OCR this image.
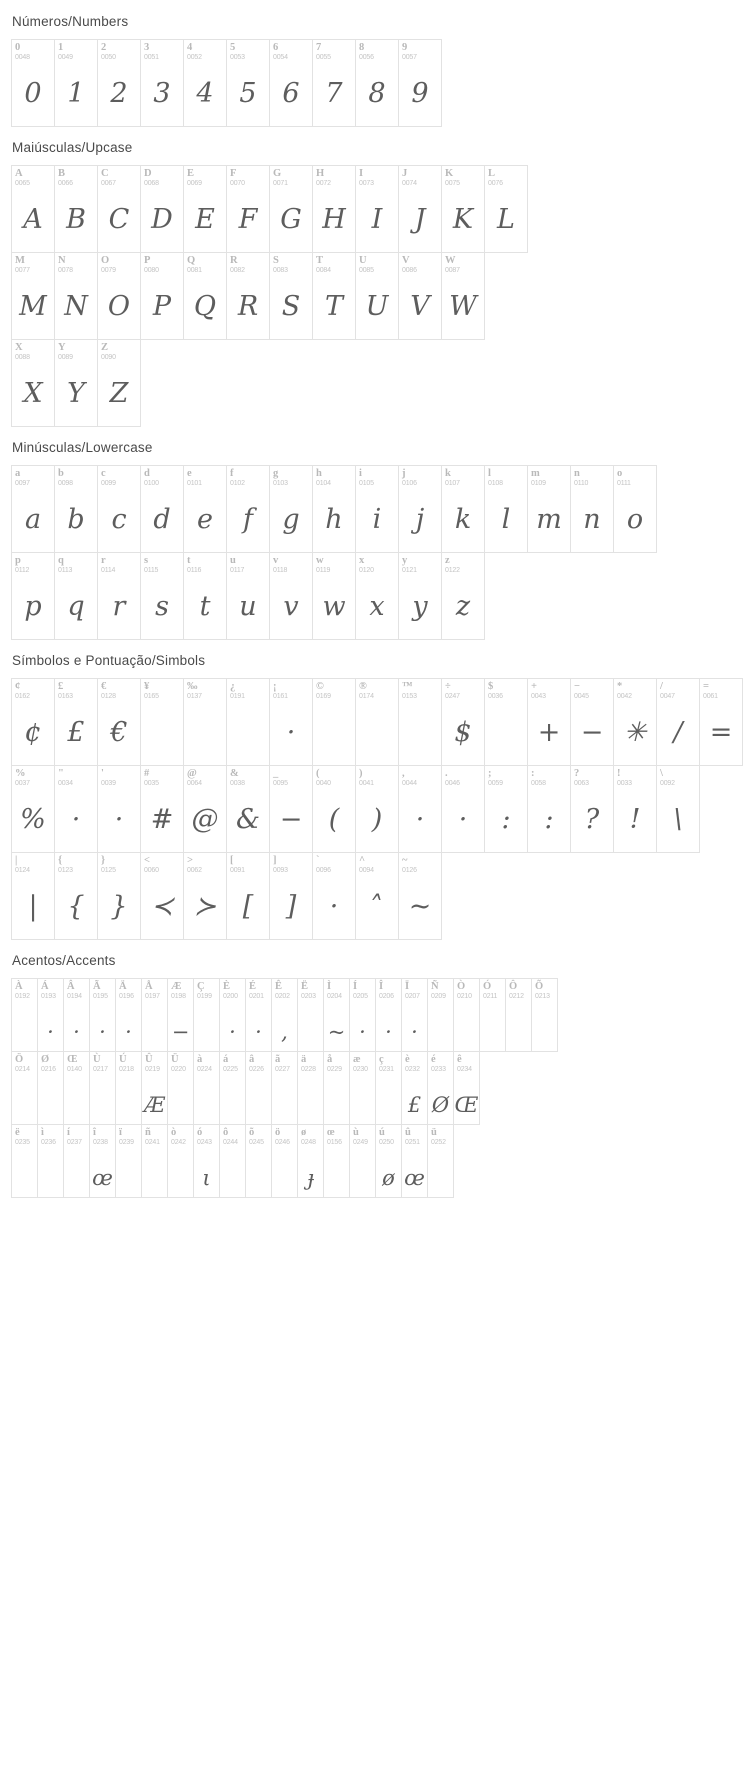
Números/Numbers
0
0048
0
1
0049
1
2
0050
2
3
0051
3
4
0052
4
5
0053
5
6
0054
6
7
0055
7
8
0056
8
9
0057
9
Maiúsculas/Upcase
A
0065
A
B
0066
B
C
0067
C
D
0068
D
E
0069
E
F
0070
F
G
0071
G
H
0072
H
I
0073
I
J
0074
J
K
0075
K
L
0076
L
M
0077
M
N
0078
N
O
0079
O
P
0080
P
Q
0081
Q
R
0082
R
S
0083
S
T
0084
T
U
0085
U
V
0086
V
W
0087
W
X
0088
X
Y
0089
Y
Z
0090
Z
Minúsculas/Lowercase
a
0097
a
b
0098
b
c
0099
c
d
0100
d
e
0101
e
f
0102
f
g
0103
g
h
0104
h
i
0105
i
j
0106
j
k
0107
k
l
0108
l
m
0109
m
n
0110
n
o
0111
o
p
0112
p
q
0113
q
r
0114
r
s
0115
s
t
0116
t
u
0117
u
v
0118
v
w
0119
w
x
0120
x
y
0121
y
z
0122
z
Símbolos e Pontuação/Simbols
¢
0162
¢
£
0163
£
€
0128
€
¥
0165
‰
0137
¿
0191
¡
0161
·
©
0169
®
0174
™
0153
÷
0247
$
$
0036
+
0043
+
−
0045
−
*
0042
✳
/
0047
/
=
0061
=
%
0037
%
"
0034
·
'
0039
·
#
0035
#
@
0064
@
&
0038
&
_
0095
−
(
0040
(
)
0041
)
,
0044
·
.
0046
·
;
0059
:
:
0058
:
?
0063
?
!
0033
!
\
0092
\
|
0124
|
{
0123
{
}
0125
}
<
0060
≺
>
0062
≻
[
0091
[
]
0093
]
`
0096
·
^
0094
˄
~
0126
~
Acentos/Accents
À
0192
Á
0193
·
Â
0194
·
Ã
0195
·
Ä
0196
·
Å
0197
Æ
0198
−
Ç
0199
È
0200
·
É
0201
·
Ê
0202
,
Ë
0203
Ì
0204
~
Í
0205
·
Î
0206
·
Ï
0207
·
Ñ
0209
Ò
0210
Ó
0211
Ô
0212
Õ
0213
Ö
0214
Ø
0216
Œ
0140
Ù
0217
Ú
0218
Û
0219
Æ
Ü
0220
à
0224
á
0225
â
0226
ã
0227
ä
0228
å
0229
æ
0230
ç
0231
è
0232
£
é
0233
Ø
ê
0234
Œ
ë
0235
ì
0236
í
0237
î
0238
œ
ï
0239
ñ
0241
ò
0242
ó
0243
ι
ô
0244
õ
0245
ö
0246
ø
0248
ɟ
œ
0156
ù
0249
ú
0250
ø
û
0251
œ
ü
0252
